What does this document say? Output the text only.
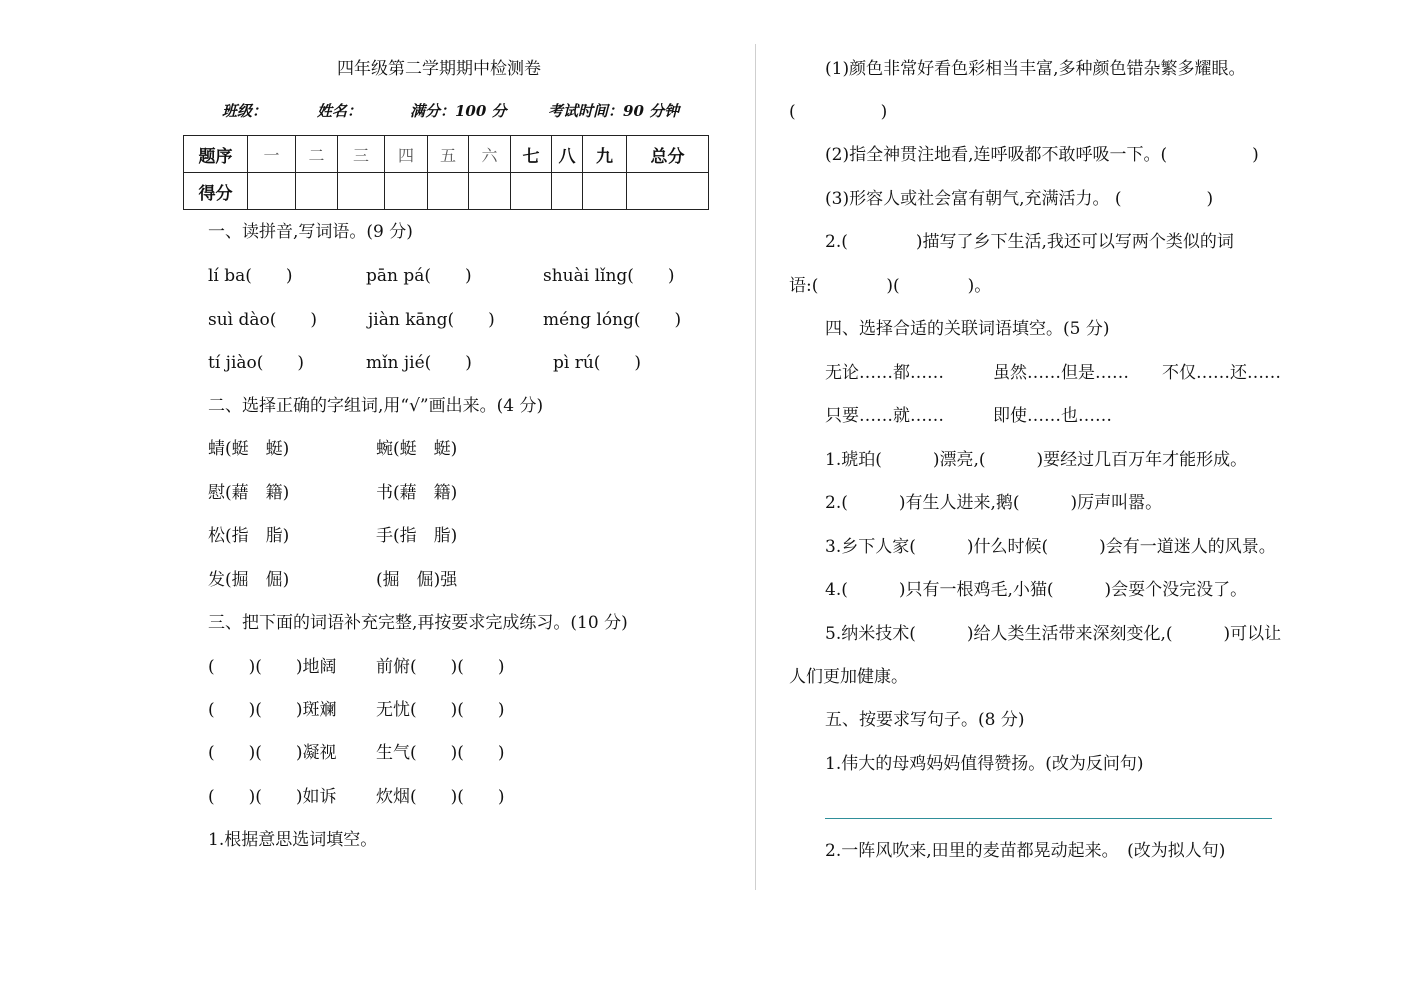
四年级第二学期期中检测卷
班级：	姓名：	满分：100 分	考试时间：90 分钟
题序	一	二	三	四	五	六	七	八	九	总分
得分										
一、读拼音,写词语。(9 分)
lí ba(　　)	pān pá(　　)	shuài lǐng(　　)
suì dào(　　)	jiàn kāng(　　)	méng lóng(　　)
tí jiào(　　)	mǐn jié(　　)	pì rú(　　)
二、选择正确的字组词,用“√”画出来。(4 分)
蜻(蜓　蜓)	蜿(蜓　蜓)
慰(藉　籍)	书(藉　籍)
松(指　脂)	手(指　脂)
发(掘　倔)	(掘　倔)强
三、把下面的词语补充完整,再按要求完成练习。(10 分)
(　　)(　　)地阔 前俯(　　)(　　)
(　　)(　　)斑斓 无忧(　　)(　　)
(　　)(　　)凝视 生气(　　)(　　)
(　　)(　　)如诉 炊烟(　　)(　　)
1.根据意思选词填空。
(1)颜色非常好看色彩相当丰富,多种颜色错杂繁多耀眼。
(　　　　　)
(2)指全神贯注地看,连呼吸都不敢呼吸一下。(　　　　　)
(3)形容人或社会富有朝气,充满活力。 (　　　　　)
2.(　　　　)描写了乡下生活,我还可以写两个类似的词
语:(　　　　)(　　　　)。
四、选择合适的关联词语填空。(5 分)
无论……都……	虽然……但是…… 不仅……还……
只要……就……	即使……也……
1.琥珀(　　　)漂亮,(　　　)要经过几百万年才能形成。
2.(　　　)有生人进来,鹅(　　　)厉声叫嚣。
3.乡下人家(　　　)什么时候(　　　)会有一道迷人的风景。
4.(　　　)只有一根鸡毛,小猫(　　　)会耍个没完没了。
5.纳米技术(　　　)给人类生活带来深刻变化,(　　　)可以让
人们更加健康。
五、按要求写句子。(8 分)
1.伟大的母鸡妈妈值得赞扬。(改为反问句)
2.一阵风吹来,田里的麦苗都晃动起来。　(改为拟人句)
